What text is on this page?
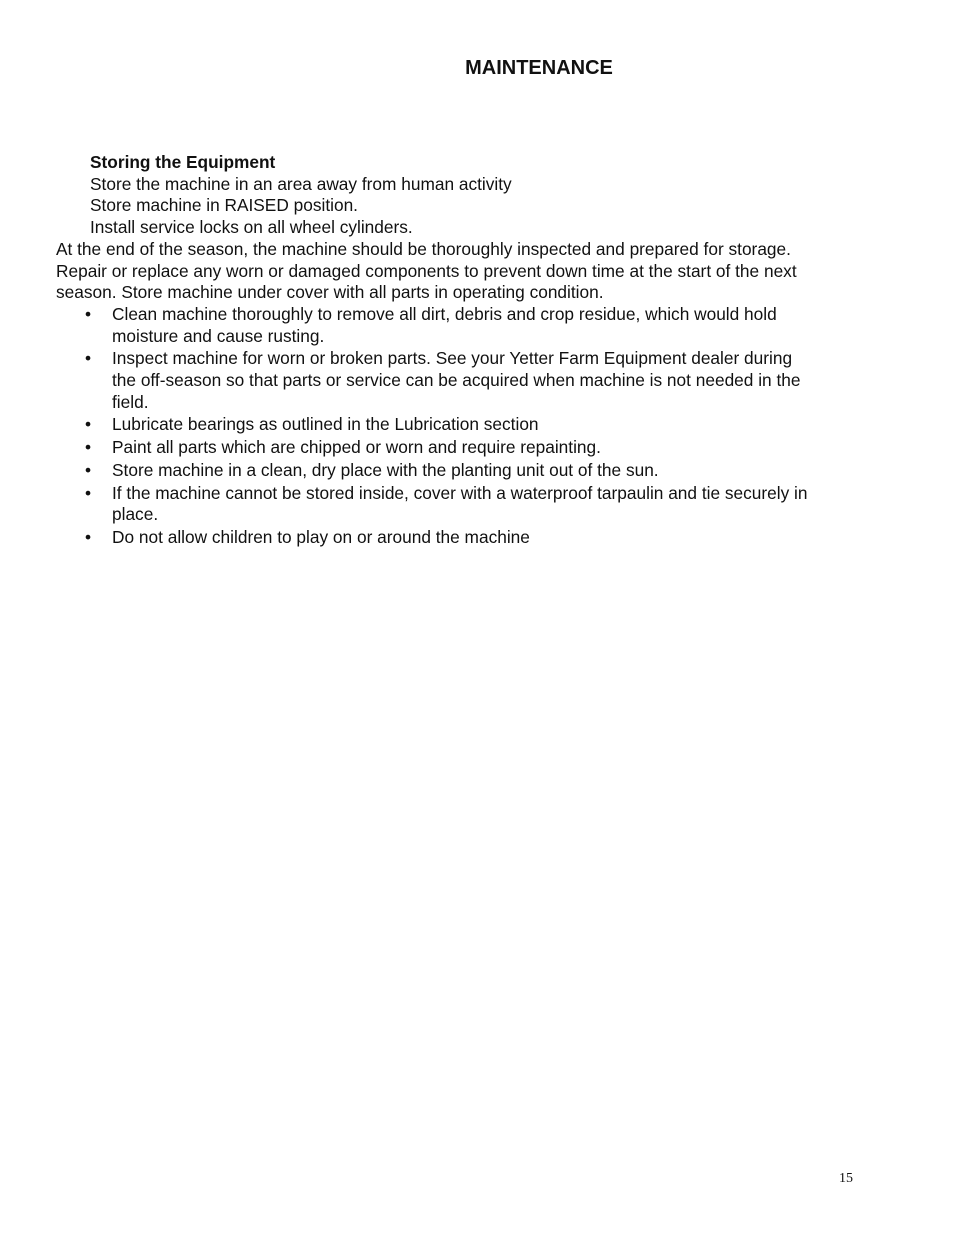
MAINTENANCE
Storing the Equipment
Store the machine in an area away from human activity
Store machine in RAISED position.
Install service locks on all wheel cylinders.

At the end of the season, the machine should be thoroughly inspected and prepared for storage. Repair or replace any worn or damaged components to prevent down time at the start of the next season. Store machine under cover with all parts in operating condition.

• Clean machine thoroughly to remove all dirt, debris and crop residue, which would hold moisture and cause rusting.
• Inspect machine for worn or broken parts. See your Yetter Farm Equipment dealer during the off-season so that parts or service can be acquired when machine is not needed in the field.
• Lubricate bearings as outlined in the Lubrication section
• Paint all parts which are chipped or worn and require repainting.
• Store machine in a clean, dry place with the planting unit out of the sun.
• If the machine cannot be stored inside, cover with a waterproof tarpaulin and tie securely in place.
• Do not allow children to play on or around the machine
15
